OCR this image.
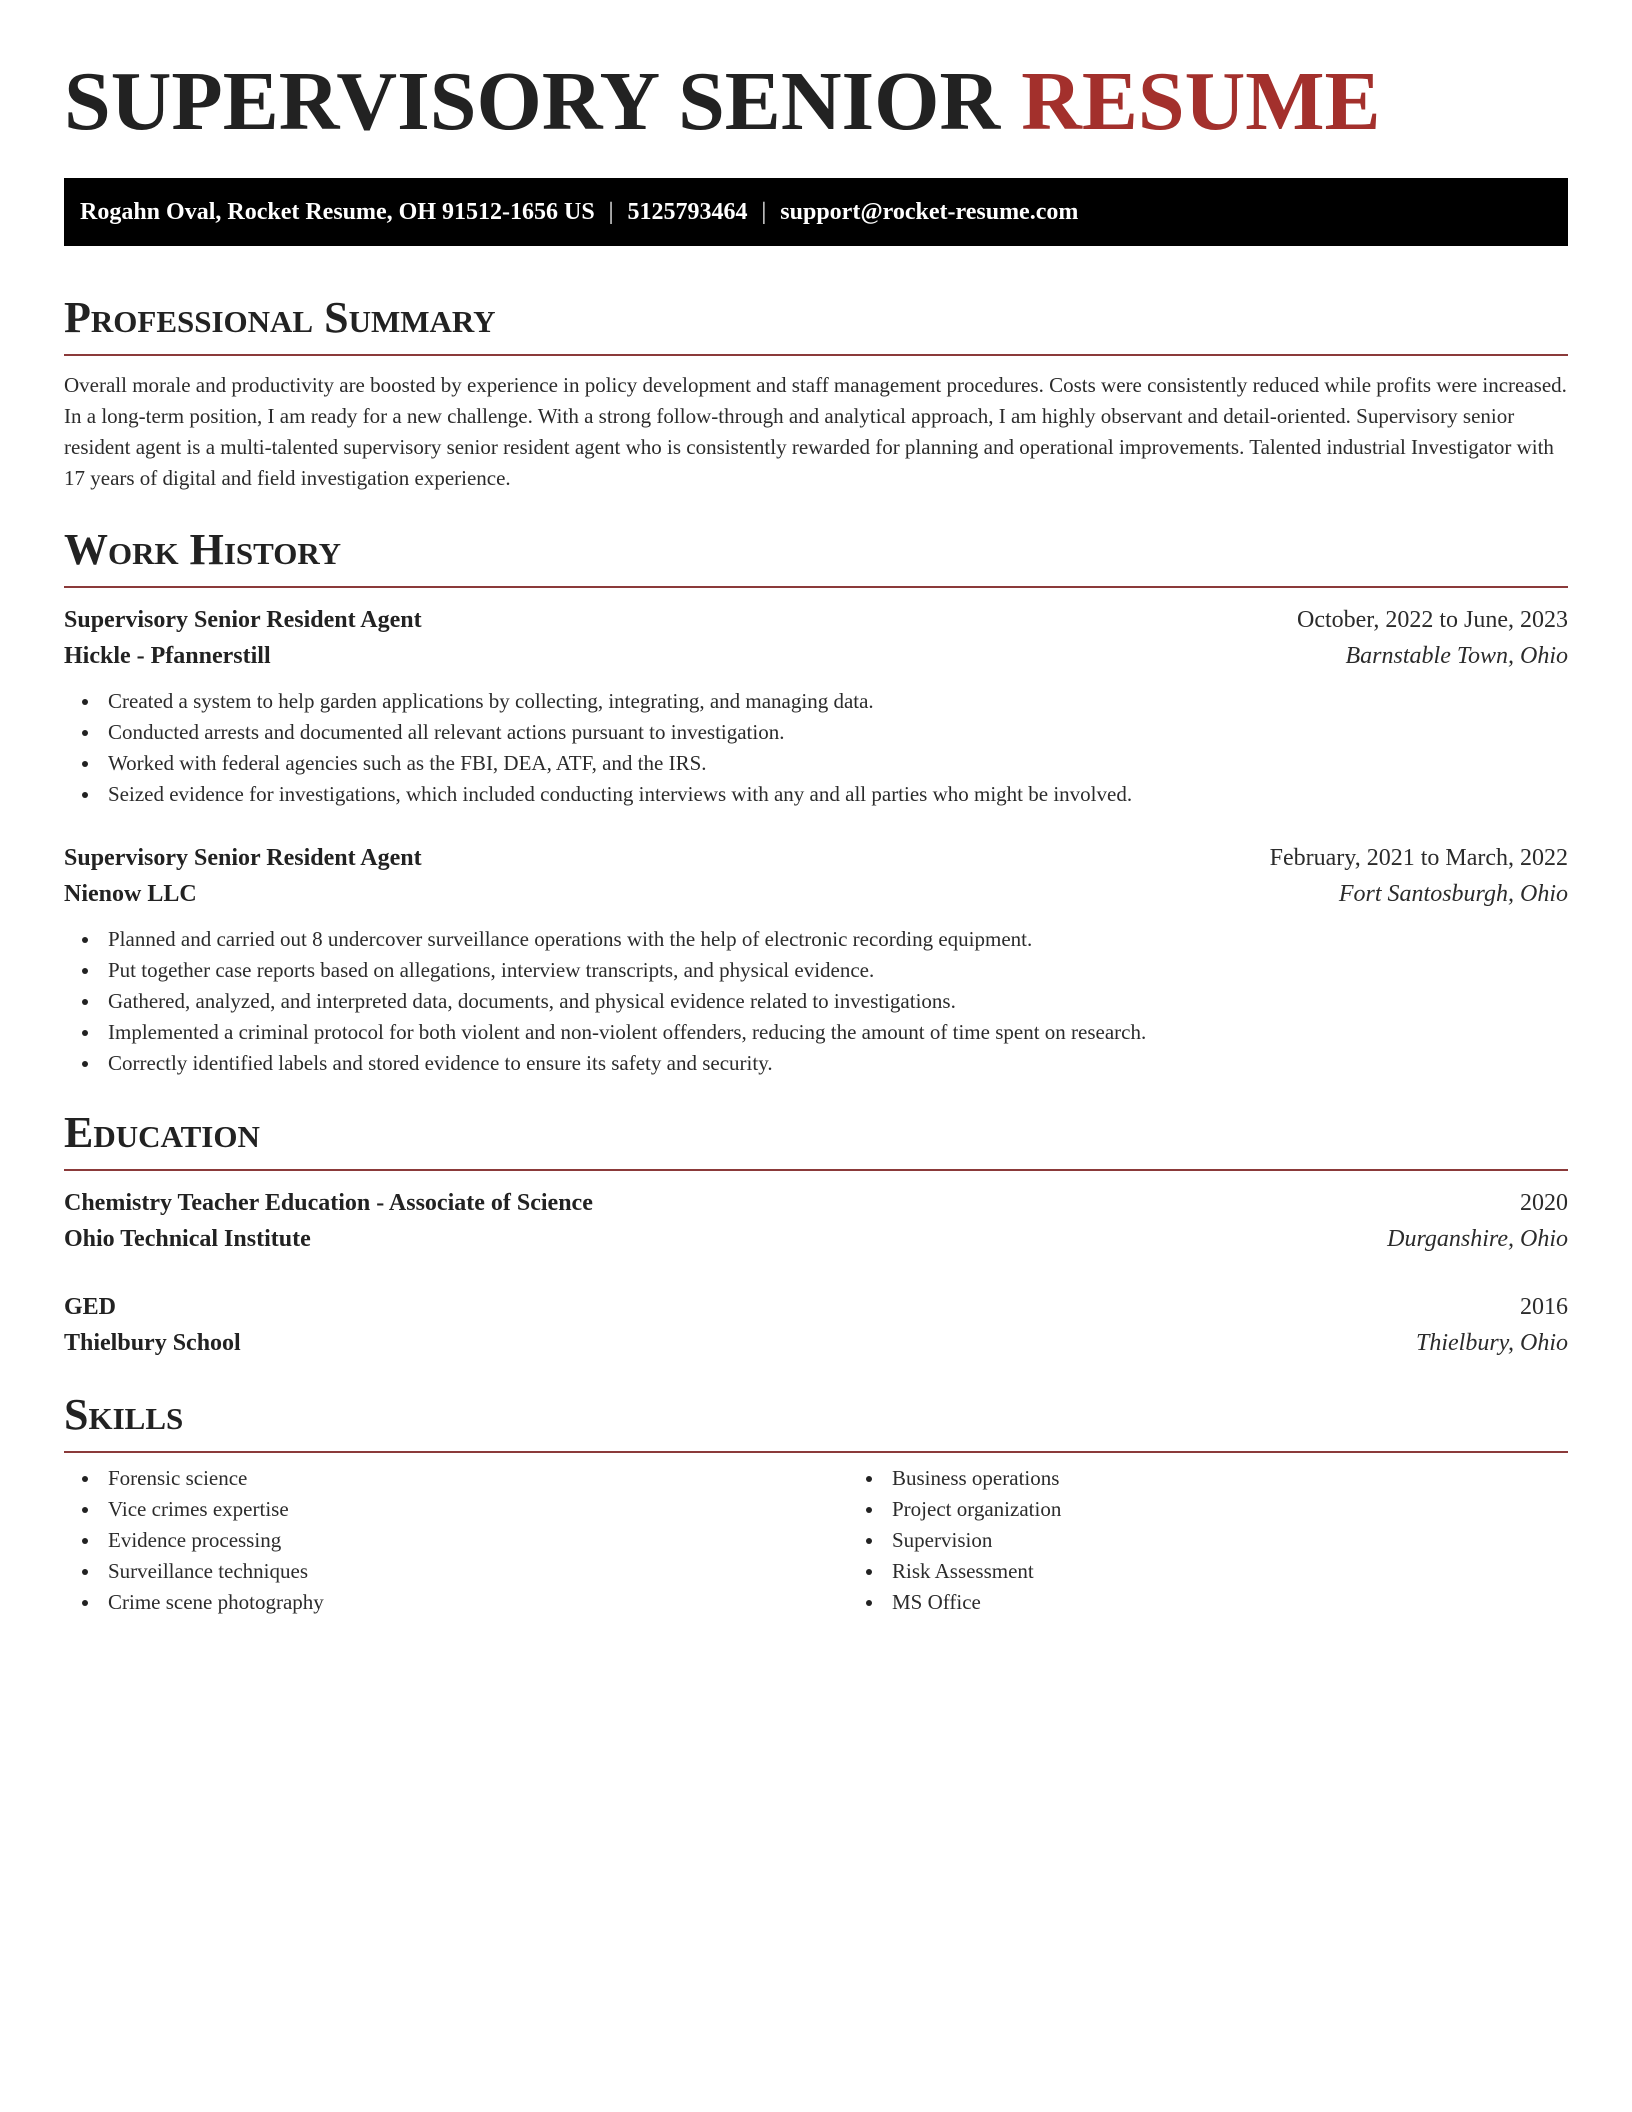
SUPERVISORY SENIOR RESUME
Rogahn Oval, Rocket Resume, OH 91512-1656 US | 5125793464 | support@rocket-resume.com
Professional Summary

Overall morale and productivity are boosted by experience in policy development and staff management procedures. Costs were consistently reduced while profits were increased. In a long-term position, I am ready for a new challenge. With a strong follow-through and analytical approach, I am highly observant and detail-oriented. Supervisory senior resident agent is a multi-talented supervisory senior resident agent who is consistently rewarded for planning and operational improvements. Talented industrial Investigator with 17 years of digital and field investigation experience.

Work History
Supervisory Senior Resident Agent	October, 2022 to June, 2023
Hickle - Pfannerstill	Barnstable Town, Ohio
Created a system to help garden applications by collecting, integrating, and managing data.
Conducted arrests and documented all relevant actions pursuant to investigation.
Worked with federal agencies such as the FBI, DEA, ATF, and the IRS.
Seized evidence for investigations, which included conducting interviews with any and all parties who might be involved.
Supervisory Senior Resident Agent	February, 2021 to March, 2022
Nienow LLC	Fort Santosburgh, Ohio
Planned and carried out 8 undercover surveillance operations with the help of electronic recording equipment.
Put together case reports based on allegations, interview transcripts, and physical evidence.
Gathered, analyzed, and interpreted data, documents, and physical evidence related to investigations.
Implemented a criminal protocol for both violent and non-violent offenders, reducing the amount of time spent on research.
Correctly identified labels and stored evidence to ensure its safety and security.
Education
Chemistry Teacher Education - Associate of Science	2020
Ohio Technical Institute	Durganshire, Ohio
GED	2016
Thielbury School	Thielbury, Ohio
Skills
Forensic science
Vice crimes expertise
Evidence processing
Surveillance techniques
Crime scene photography
Business operations
Project organization
Supervision
Risk Assessment
MS Office
